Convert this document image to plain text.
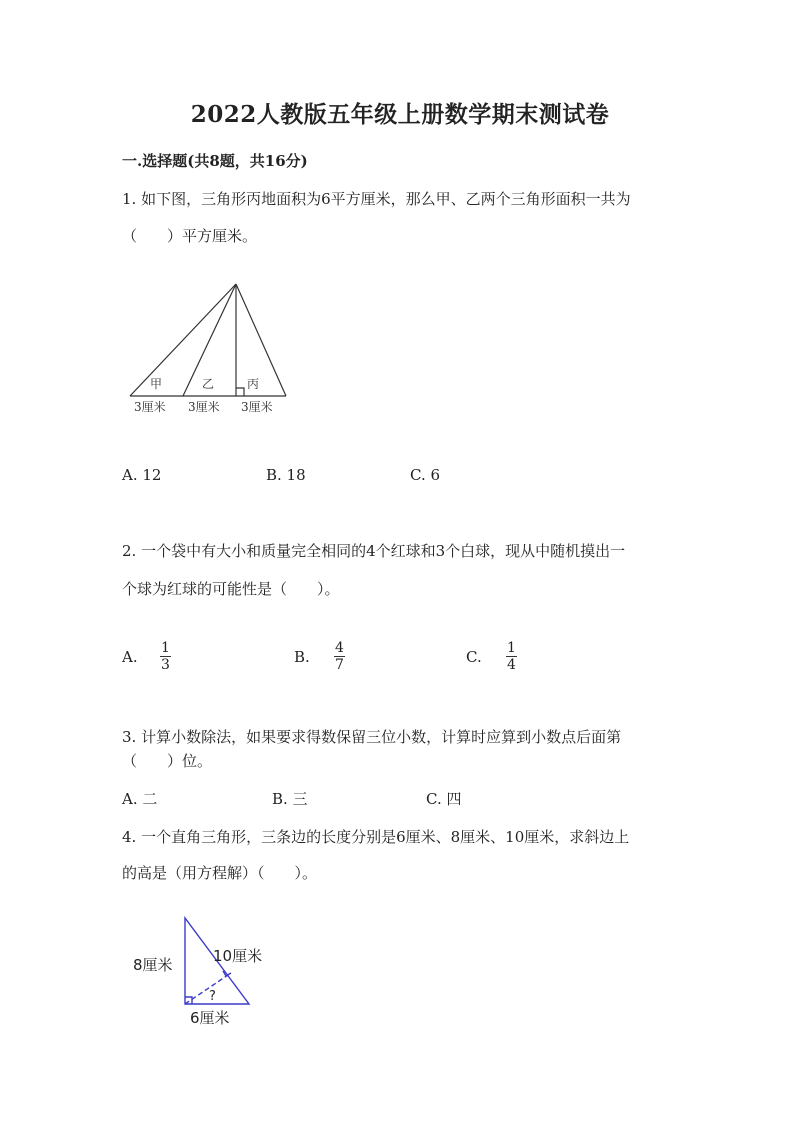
2022人教版五年级上册数学期末测试卷
一.选择题(共8题，共16分)
1. 如下图，三角形丙地面积为6平方厘米，那么甲、乙两个三角形面积一共为
（　　）平方厘米。
甲	乙	丙
3厘米 3厘米 3厘米
A. 12	B. 18	C. 6
2. 一个袋中有大小和质量完全相同的4个红球和3个白球，现从中随机摸出一
个球为红球的可能性是（　　）。
A. $\frac{1}{3}$	B. $\frac{4}{7}$	C. $\frac{1}{4}$
3. 计算小数除法，如果要求得数保留三位小数，计算时应算到小数点后面第
（　　）位。
A. 二	B. 三	C. 四
4. 一个直角三角形，三条边的长度分别是6厘米、8厘米、10厘米，求斜边上
的高是（用方程解）（　　）。
8厘米	10厘米
6厘米
?
